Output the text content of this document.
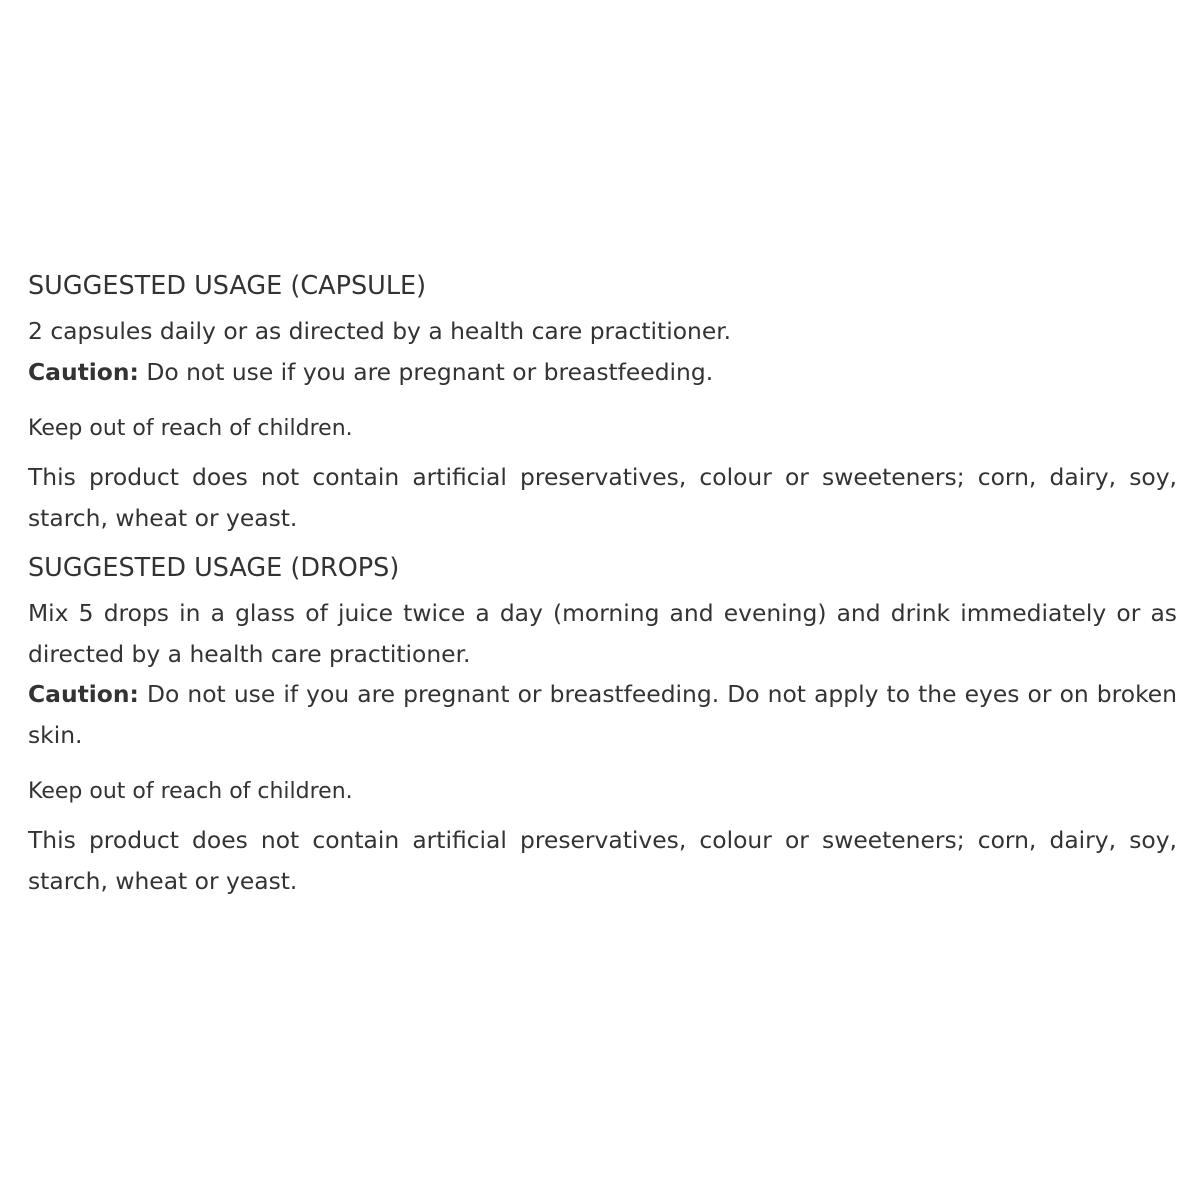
SUGGESTED USAGE (CAPSULE)

2 capsules daily or as directed by a health care practitioner.

Caution: Do not use if you are pregnant or breastfeeding.

Keep out of reach of children.

This product does not contain artificial preservatives, colour or sweeteners; corn, dairy, soy, starch, wheat or yeast.

SUGGESTED USAGE (DROPS)

Mix 5 drops in a glass of juice twice a day (morning and evening) and drink immediately or as directed by a health care practitioner.

Caution: Do not use if you are pregnant or breastfeeding. Do not apply to the eyes or on broken skin.

Keep out of reach of children.

This product does not contain artificial preservatives, colour or sweeteners; corn, dairy, soy, starch, wheat or yeast.
